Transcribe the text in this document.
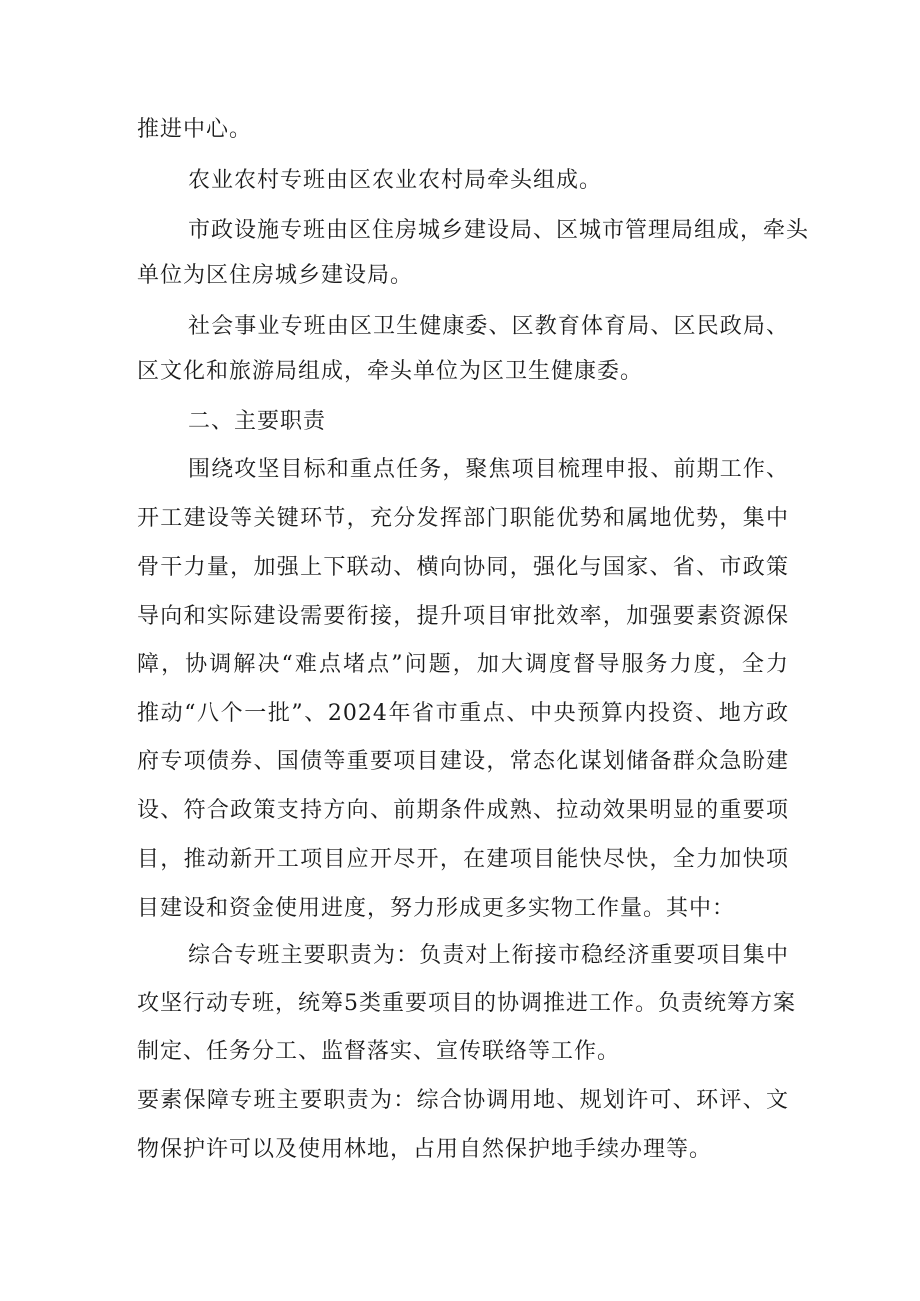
推进中心。
农业农村专班由区农业农村局牵头组成。
市政设施专班由区住房城乡建设局、区城市管理局组成，牵头
单位为区住房城乡建设局。
社会事业专班由区卫生健康委、区教育体育局、区民政局、
区文化和旅游局组成，牵头单位为区卫生健康委。
二、主要职责
围绕攻坚目标和重点任务，聚焦项目梳理申报、前期工作、
开工建设等关键环节，充分发挥部门职能优势和属地优势，集中
骨干力量，加强上下联动、横向协同，强化与国家、省、市政策
导向和实际建设需要衔接，提升项目审批效率，加强要素资源保
障，协调解决“难点堵点”问题，加大调度督导服务力度，全力
推动“八个一批”、2024年省市重点、中央预算内投资、地方政
府专项债券、国债等重要项目建设，常态化谋划储备群众急盼建
设、符合政策支持方向、前期条件成熟、拉动效果明显的重要项
目，推动新开工项目应开尽开，在建项目能快尽快，全力加快项
目建设和资金使用进度，努力形成更多实物工作量。其中：
综合专班主要职责为：负责对上衔接市稳经济重要项目集中
攻坚行动专班，统筹5类重要项目的协调推进工作。负责统筹方案
制定、任务分工、监督落实、宣传联络等工作。
要素保障专班主要职责为：综合协调用地、规划许可、环评、文
物保护许可以及使用林地，占用自然保护地手续办理等。
